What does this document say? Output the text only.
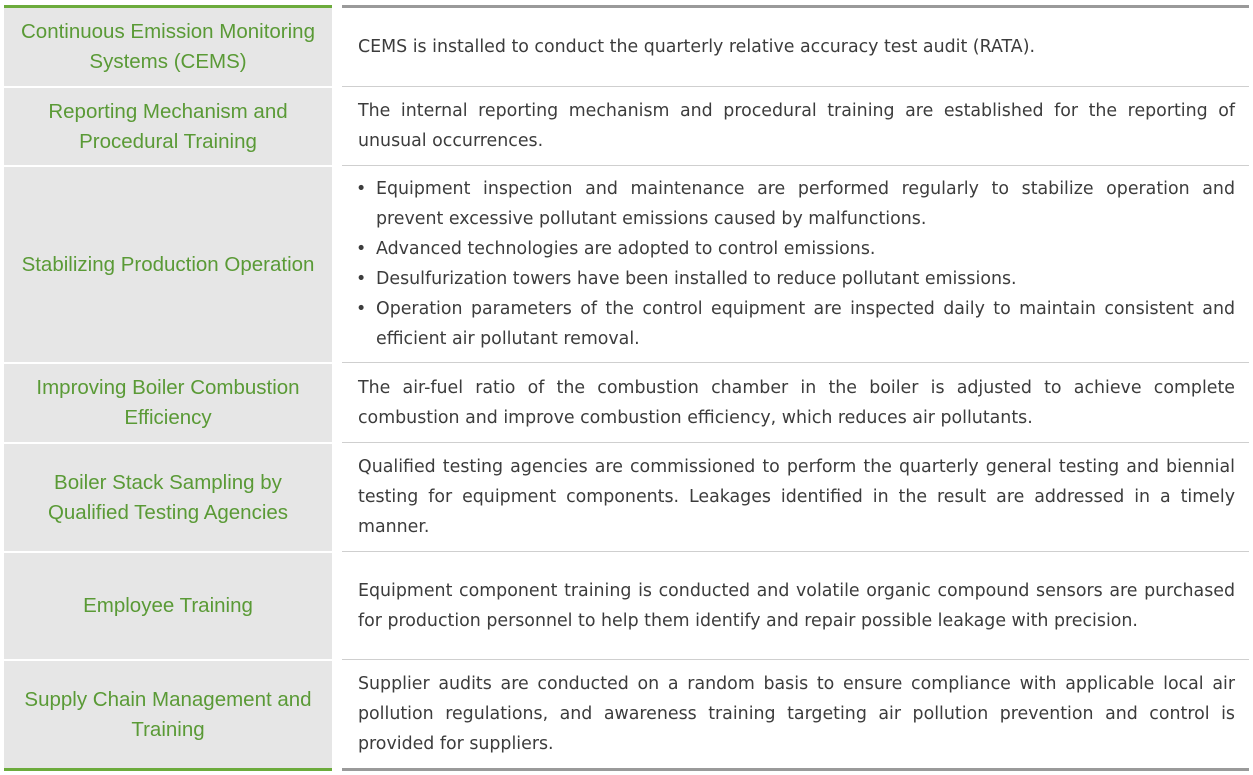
Continuous Emission Monitoring Systems (CEMS)
Reporting Mechanism and Procedural Training
Stabilizing Production Operation
Improving Boiler Combustion Efficiency
Boiler Stack Sampling by Qualified Testing Agencies
Employee Training
Supply Chain Management and Training
CEMS is installed to conduct the quarterly relative accuracy test audit (RATA).
The internal reporting mechanism and procedural training are established for the reporting of unusual occurrences.
• Equipment inspection and maintenance are performed regularly to stabilize operation and prevent excessive pollutant emissions caused by malfunctions.
• Advanced technologies are adopted to control emissions.
• Desulfurization towers have been installed to reduce pollutant emissions.
• Operation parameters of the control equipment are inspected daily to maintain consistent and efficient air pollutant removal.
The air-fuel ratio of the combustion chamber in the boiler is adjusted to achieve complete combustion and improve combustion efficiency, which reduces air pollutants.
Qualified testing agencies are commissioned to perform the quarterly general testing and biennial testing for equipment components. Leakages identified in the result are addressed in a timely manner.
Equipment component training is conducted and volatile organic compound sensors are purchased for production personnel to help them identify and repair possible leakage with precision.
Supplier audits are conducted on a random basis to ensure compliance with applicable local air pollution regulations, and awareness training targeting air pollution prevention and control is provided for suppliers.
